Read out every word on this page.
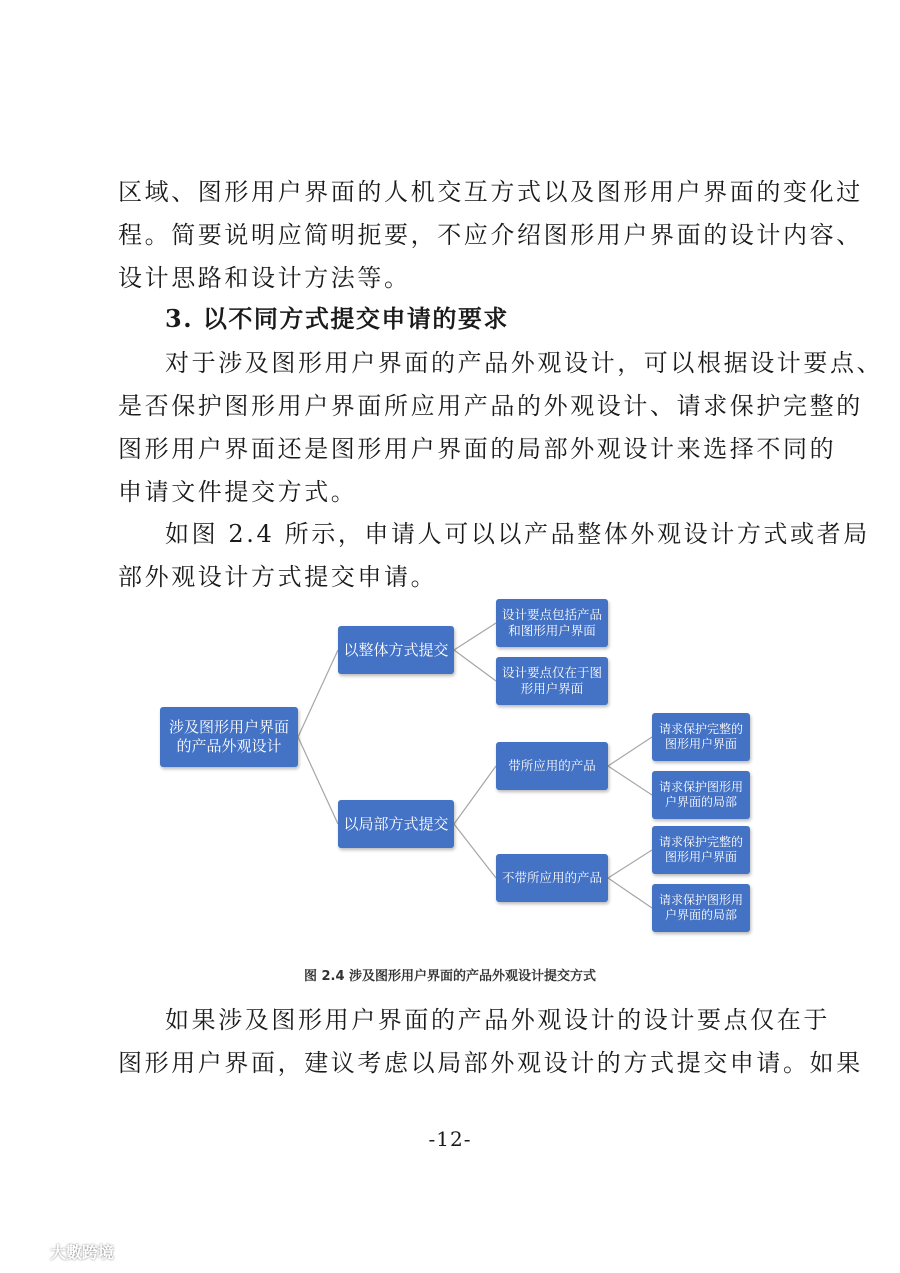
区域、图形用户界面的人机交互方式以及图形用户界面的变化过
程。简要说明应简明扼要，不应介绍图形用户界面的设计内容、
设计思路和设计方法等。
3. 以不同方式提交申请的要求
对于涉及图形用户界面的产品外观设计，可以根据设计要点、
是否保护图形用户界面所应用产品的外观设计、请求保护完整的
图形用户界面还是图形用户界面的局部外观设计来选择不同的
申请文件提交方式。
如图 2.4 所示，申请人可以以产品整体外观设计方式或者局
部外观设计方式提交申请。
涉及图形用户界面
的产品外观设计
以整体方式提交
以局部方式提交
设计要点包括产品
和图形用户界面
设计要点仅在于图
形用户界面
带所应用的产品
不带所应用的产品
请求保护完整的
图形用户界面
请求保护图形用
户界面的局部
请求保护完整的
图形用户界面
请求保护图形用
户界面的局部
图 2.4 涉及图形用户界面的产品外观设计提交方式
如果涉及图形用户界面的产品外观设计的设计要点仅在于
图形用户界面，建议考虑以局部外观设计的方式提交申请。如果
-12-
大數跨境
